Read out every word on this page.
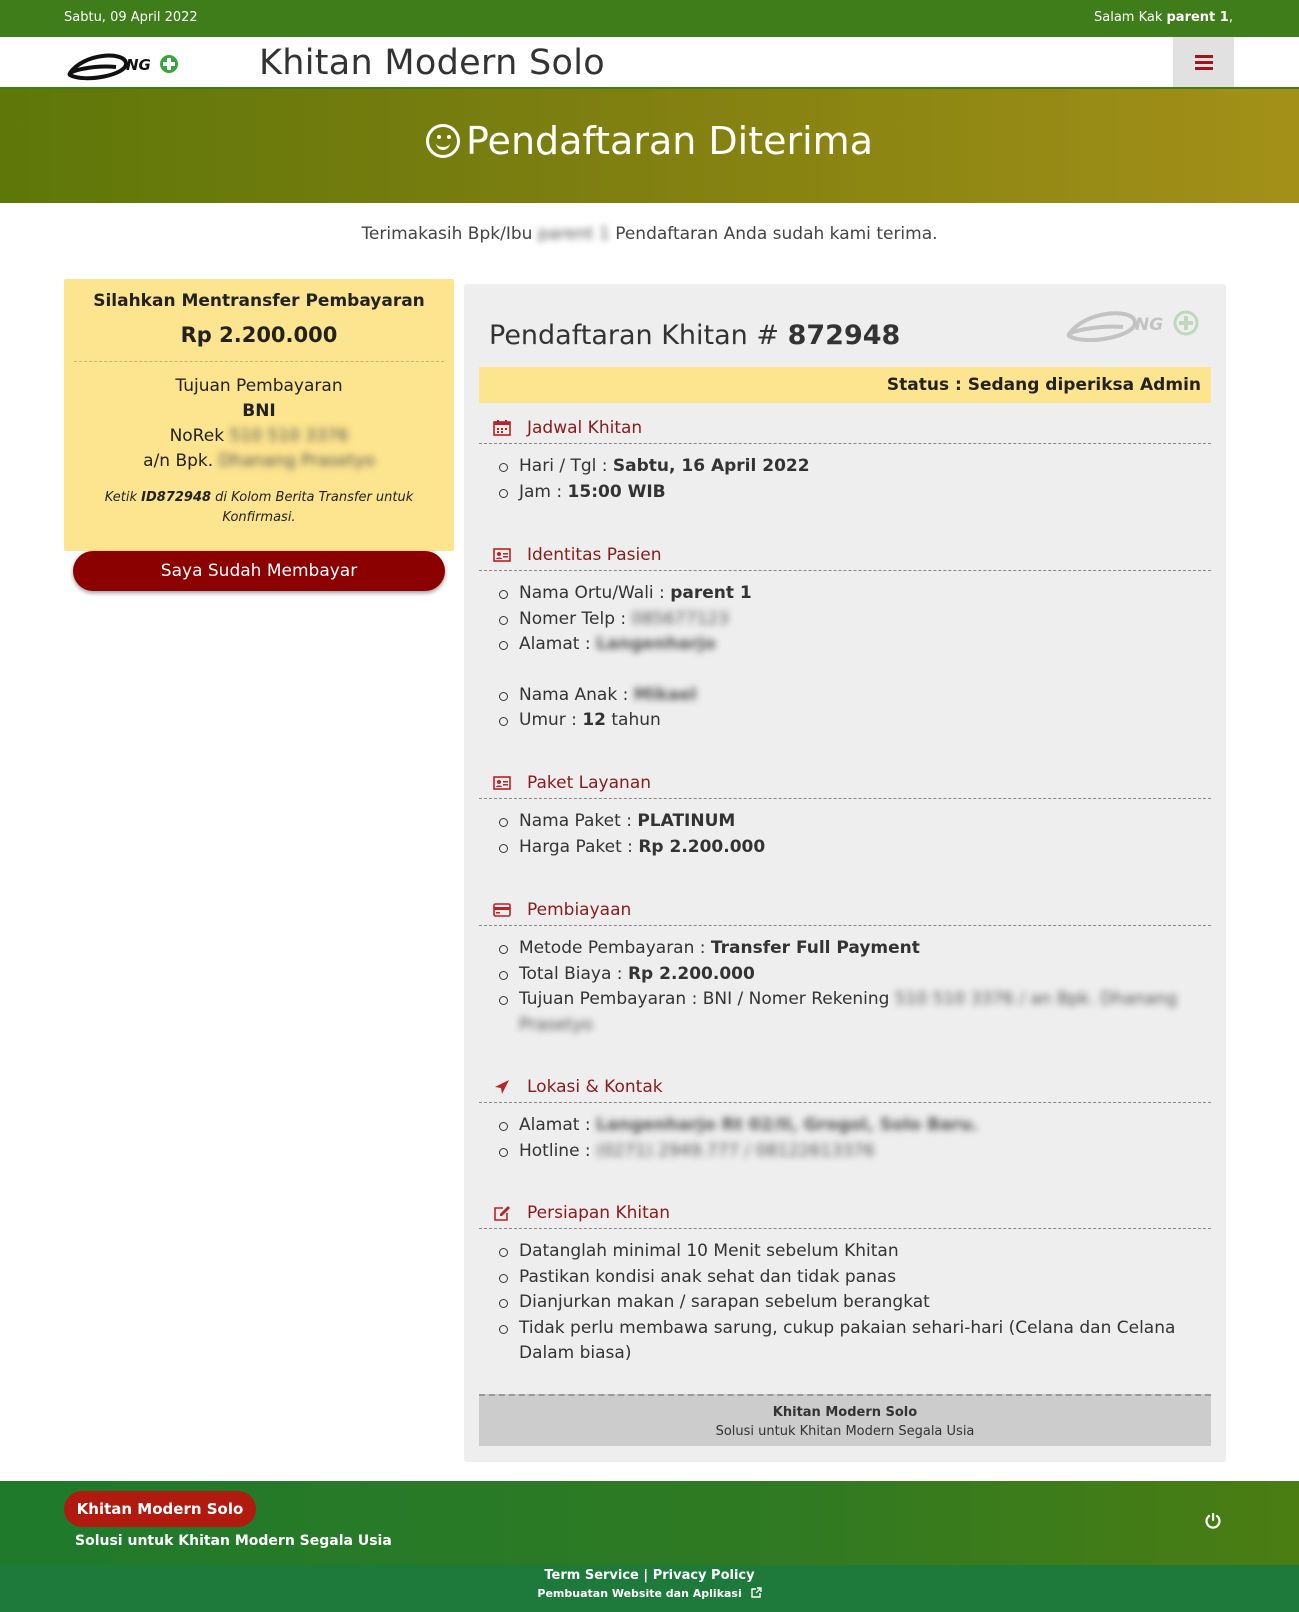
Sabtu, 09 April 2022	Salam Kak parent 1,
NG	Khitan Modern Solo
Pendaftaran Diterima
Terimakasih Bpk/Ibu parent 1 Pendaftaran Anda sudah kami terima.
Silahkan Mentransfer Pembayaran
Rp 2.200.000
Tujuan Pembayaran
BNI
NoRek 510 510 3376
a/n Bpk. Dhanang Prasetyo
Ketik ID872948 di Kolom Berita Transfer untuk Konfirmasi.
Saya Sudah Membayar
Pendaftaran Khitan # 872948	NG
Status : Sedang diperiksa Admin
Jadwal Khitan
Hari / Tgl : Sabtu, 16 April 2022
Jam : 15:00 WIB
Identitas Pasien
Nama Ortu/Wali : parent 1
Nomer Telp : 085677123
Alamat : Langenharjo
Nama Anak : Mikael
Umur : 12 tahun
Paket Layanan
Nama Paket : PLATINUM
Harga Paket : Rp 2.200.000
Pembiayaan
Metode Pembayaran : Transfer Full Payment
Total Biaya : Rp 2.200.000
Tujuan Pembayaran : BNI / Nomer Rekening 510 510 3376 / an Bpk. Dhanang Prasetyo
Lokasi & Kontak
Alamat : Langenharjo Rt 02/II, Grogol, Solo Baru.
Hotline : (0271) 2949.777 / 08122613376
Persiapan Khitan
Datanglah minimal 10 Menit sebelum Khitan
Pastikan kondisi anak sehat dan tidak panas
Dianjurkan makan / sarapan sebelum berangkat
Tidak perlu membawa sarung, cukup pakaian sehari-hari (Celana dan Celana Dalam biasa)
Khitan Modern Solo
Solusi untuk Khitan Modern Segala Usia
Khitan Modern Solo
Solusi untuk Khitan Modern Segala Usia
Term Service | Privacy Policy
Pembuatan Website dan Aplikasi
